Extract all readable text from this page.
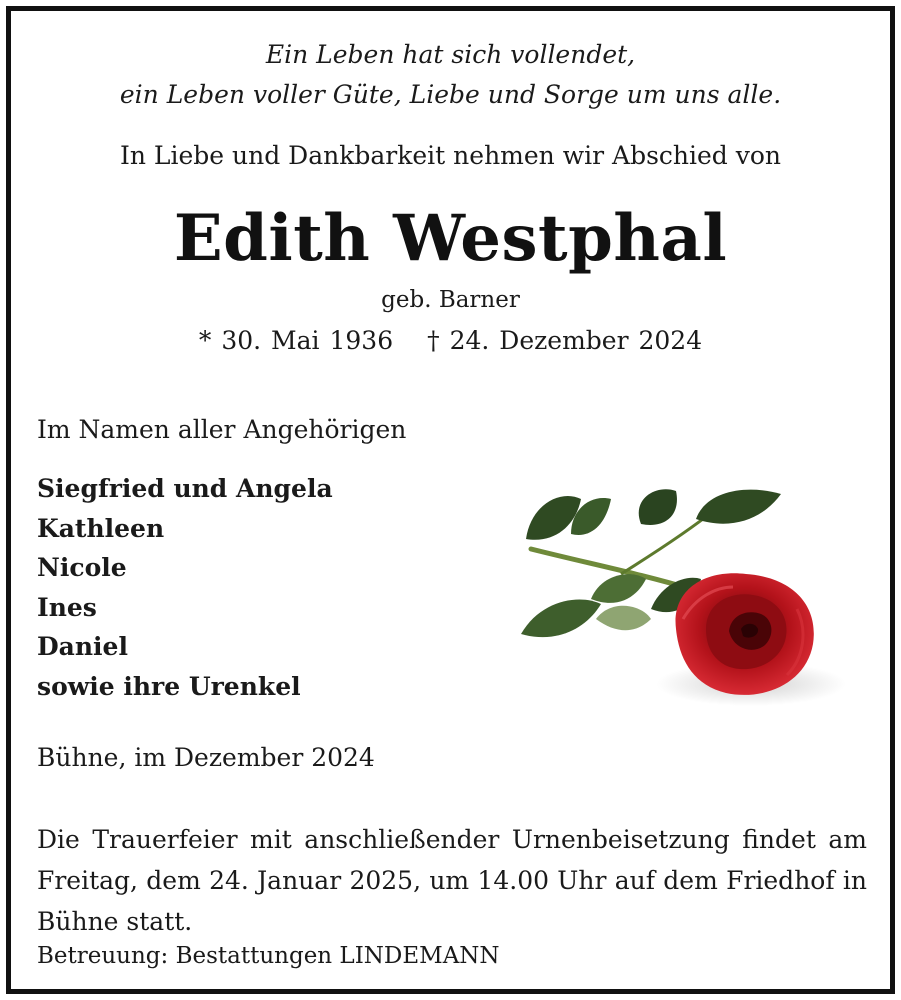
Ein Leben hat sich vollendet,
ein Leben voller Güte, Liebe und Sorge um uns alle.
In Liebe und Dankbarkeit nehmen wir Abschied von
Edith Westphal
geb. Barner
* 30. Mai 1936 † 24. Dezember 2024
Im Namen aller Angehörigen
Siegfried und Angela
Kathleen
Nicole
Ines
Daniel
sowie ihre Urenkel
Bühne, im Dezember 2024
Die Trauerfeier mit anschließender Urnenbeisetzung findet am Freitag, dem 24. Januar 2025, um 14.00 Uhr auf dem Friedhof in Bühne statt.
Betreuung: Bestattungen LINDEMANN
